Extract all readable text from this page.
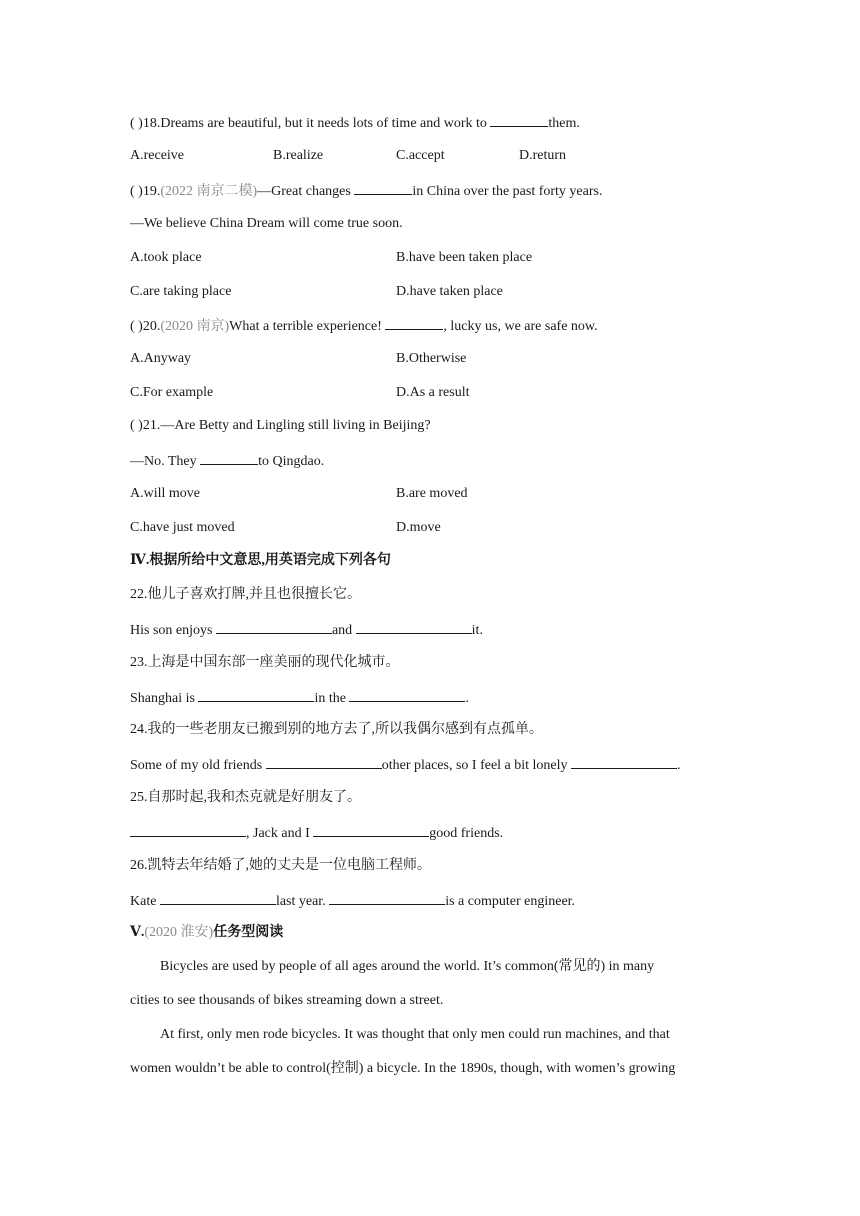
( )18.Dreams are beautiful, but it needs lots of time and work to	them.
A.receive	B.realize	C.accept	D.return
( )19.(2022 南京二模)—Great changes	in China over the past forty years.
—We believe China Dream will come true soon.
A.took place	B.have been taken place
C.are taking place	D.have taken place
( )20.(2020 南京)What a terrible experience!	, lucky us, we are safe now.
A.Anyway	B.Otherwise
C.For example	D.As a result
( )21.—Are Betty and Lingling still living in Beijing?
—No. They	to Qingdao.
A.will move	B.are moved
C.have just moved	D.move
Ⅳ.根据所给中文意思,用英语完成下列各句
22.他儿子喜欢打牌,并且也很擅长它。
His son enjoys	and	it.
23.上海是中国东部一座美丽的现代化城市。
Shanghai is	in the	.
24.我的一些老朋友已搬到别的地方去了,所以我偶尔感到有点孤单。
Some of my old friends	other places, so I feel a bit lonely	.
25.自那时起,我和杰克就是好朋友了。
, Jack and I	good friends.
26.凯特去年结婚了,她的丈夫是一位电脑工程师。
Kate	last year.	is a computer engineer.
Ⅴ.(2020 淮安)任务型阅读
Bicycles are used by people of all ages around the world. It’s common(常见的) in many
cities to see thousands of bikes streaming down a street.
At first, only men rode bicycles. It was thought that only men could run machines, and that
women wouldn’t be able to control(控制) a bicycle. In the 1890s, though, with women’s growing
